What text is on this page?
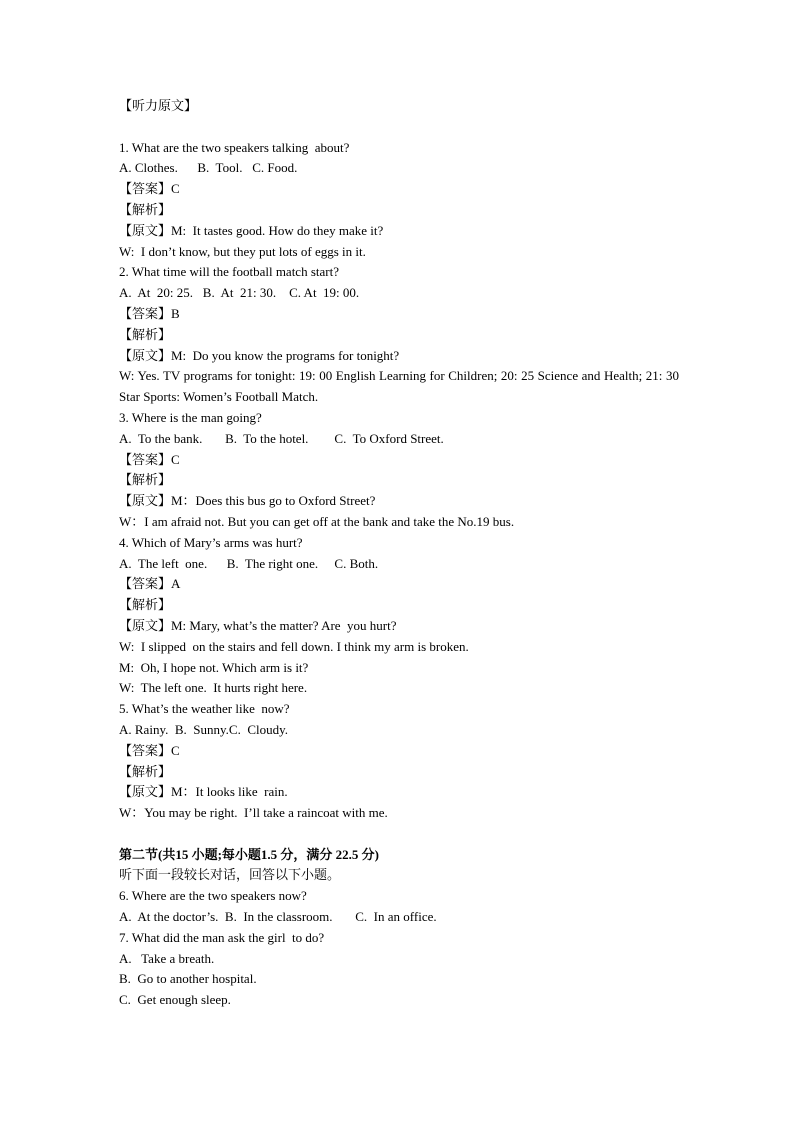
【听力原文】
1. What are the two speakers talking  about?
A. Clothes.      B.  Tool.   C. Food.
【答案】C
【解析】
【原文】M:  It tastes good. How do they make it?
W:  I don’t know, but they put lots of eggs in it.
2. What time will the football match start?
A.  At  20: 25.   B.  At  21: 30.    C. At  19: 00.
【答案】B
【解析】
【原文】M:  Do you know the programs for tonight?
W: Yes. TV programs for tonight: 19: 00 English Learning for Children; 20: 25 Science and Health; 21: 30 Star Sports: Women’s Football Match.
3. Where is the man going?
A.  To the bank.       B.  To the hotel.        C.  To Oxford Street.
【答案】C
【解析】
【原文】M：Does this bus go to Oxford Street?
W：I am afraid not. But you can get off at the bank and take the No.19 bus.
4. Which of Mary’s arms was hurt?
A.  The left  one.      B.  The right one.     C. Both.
【答案】A
【解析】
【原文】M: Mary, what’s the matter? Are  you hurt?
W:  I slipped  on the stairs and fell down. I think my arm is broken.
M:  Oh, I hope not. Which arm is it?
W:  The left one.  It hurts right here.
5. What’s the weather like  now?
A. Rainy.  B.  Sunny.C.  Cloudy.
【答案】C
【解析】
【原文】M：It looks like  rain.
W：You may be right.  I’ll take a raincoat with me.
第二节(共15 小题;每小题1.5 分，满分 22.5 分)
听下面一段较长对话，回答以下小题。
6. Where are the two speakers now?
A.  At the doctor’s.  B.  In the classroom.       C.  In an office.
7. What did the man ask the girl  to do?
A.   Take a breath.
B.  Go to another hospital.
C.  Get enough sleep.
